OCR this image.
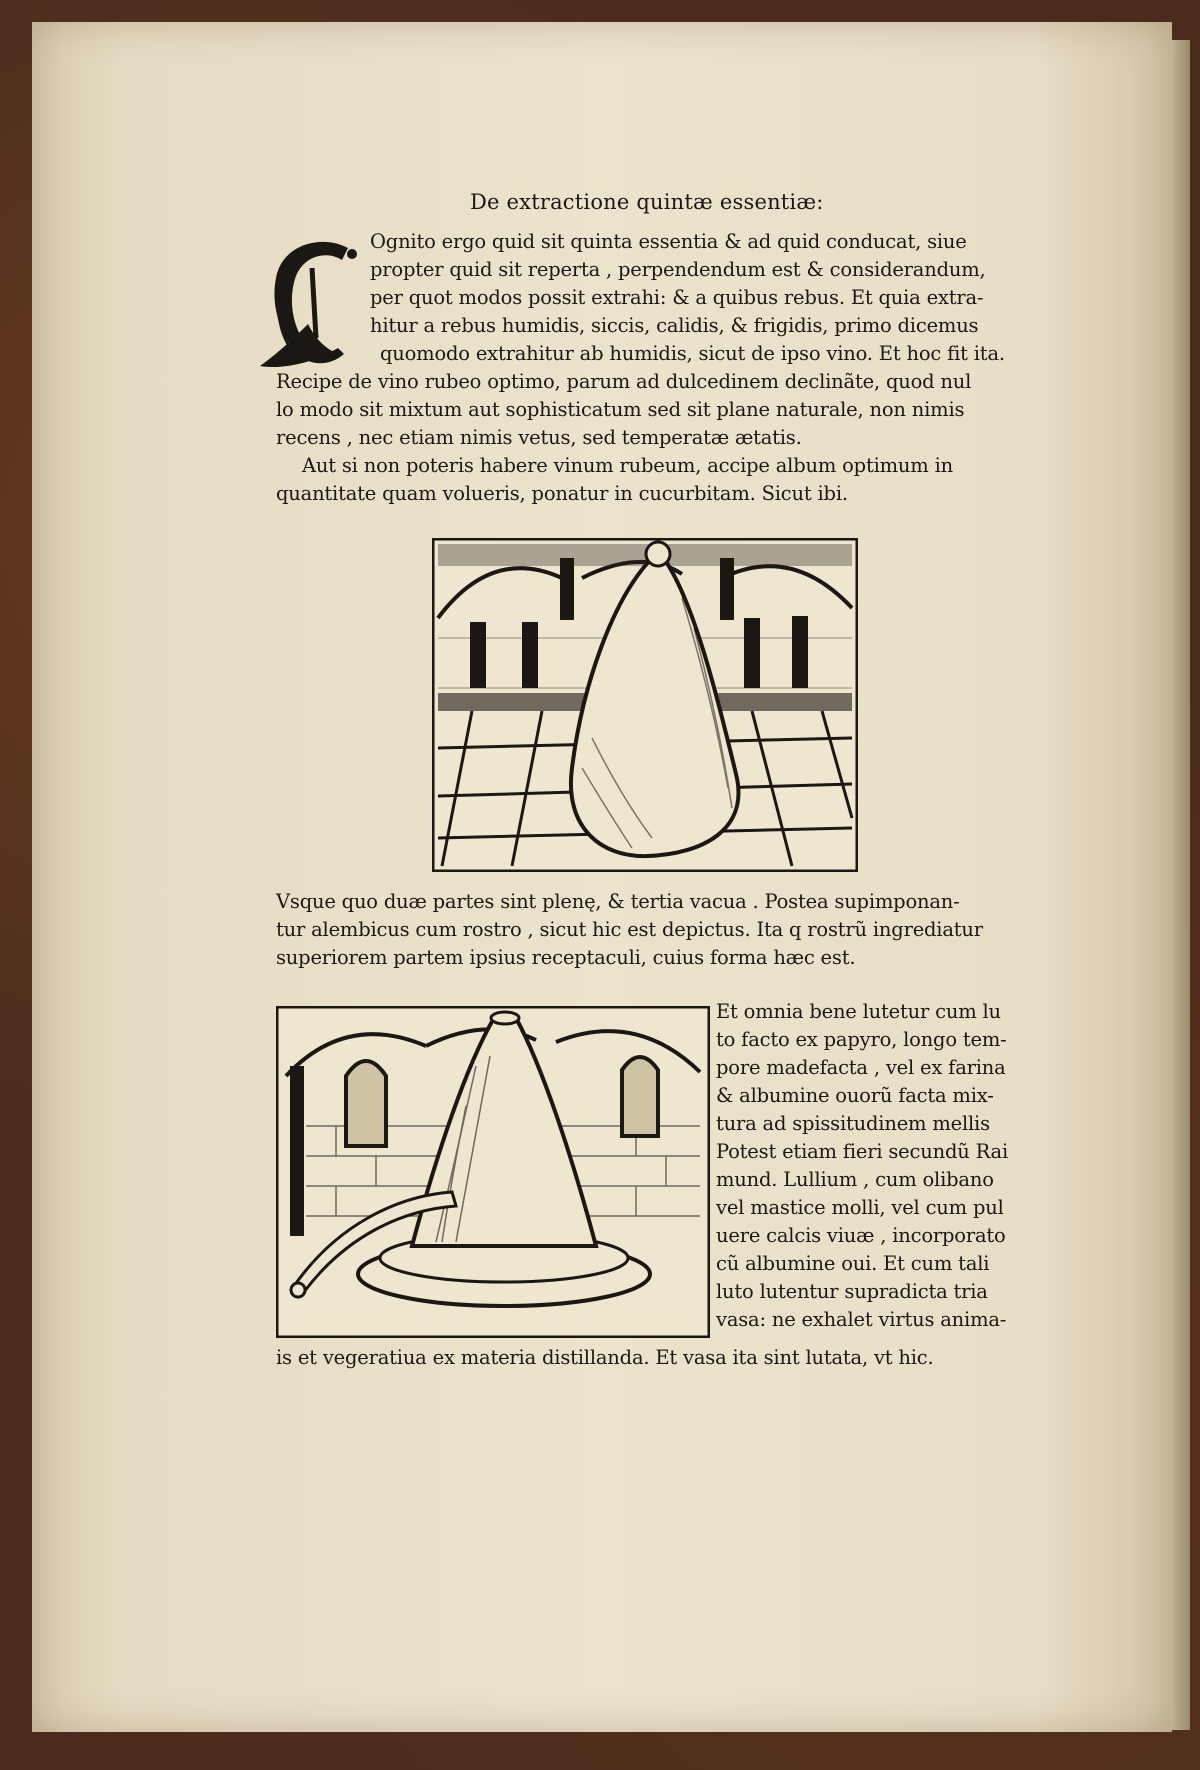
De extractione quintæ essentiæ:
Ognito ergo quid sit quinta essentia & ad quid conducat, siue
propter quid sit reperta , perpendendum est & considerandum,
per quot modos possit extrahi: & a quibus rebus. Et quia extra-
hitur a rebus humidis, siccis, calidis, & frigidis, primo dicemus
quomodo extrahitur ab humidis, sicut de ipso vino. Et hoc fit ita.
Recipe de vino rubeo optimo, parum ad dulcedinem declinãte, quod nul
lo modo sit mixtum aut sophisticatum sed sit plane naturale, non nimis
recens , nec etiam nimis vetus, sed temperatæ ætatis.
Aut si non poteris habere vinum rubeum, accipe album optimum in
quantitate quam volueris, ponatur in cucurbitam. Sicut ibi.
Vsque quo duæ partes sint plenę, & tertia vacua . Postea supimponan-
tur alembicus cum rostro , sicut hic est depictus. Ita q rostrũ ingrediatur
superiorem partem ipsius receptaculi, cuius forma hæc est.
Et omnia bene lutetur cum lu
to facto ex papyro, longo tem-
pore madefacta , vel ex farina
& albumine ouorũ facta mix-
tura ad spissitudinem mellis
Potest etiam fieri secundũ Rai
mund. Lullium , cum olibano
vel mastice molli, vel cum pul
uere calcis viuæ , incorporato
cũ albumine oui. Et cum tali
luto lutentur supradicta tria
vasa: ne exhalet virtus anima-
is et vegeratiua ex materia distillanda. Et vasa ita sint lutata, vt hic.
